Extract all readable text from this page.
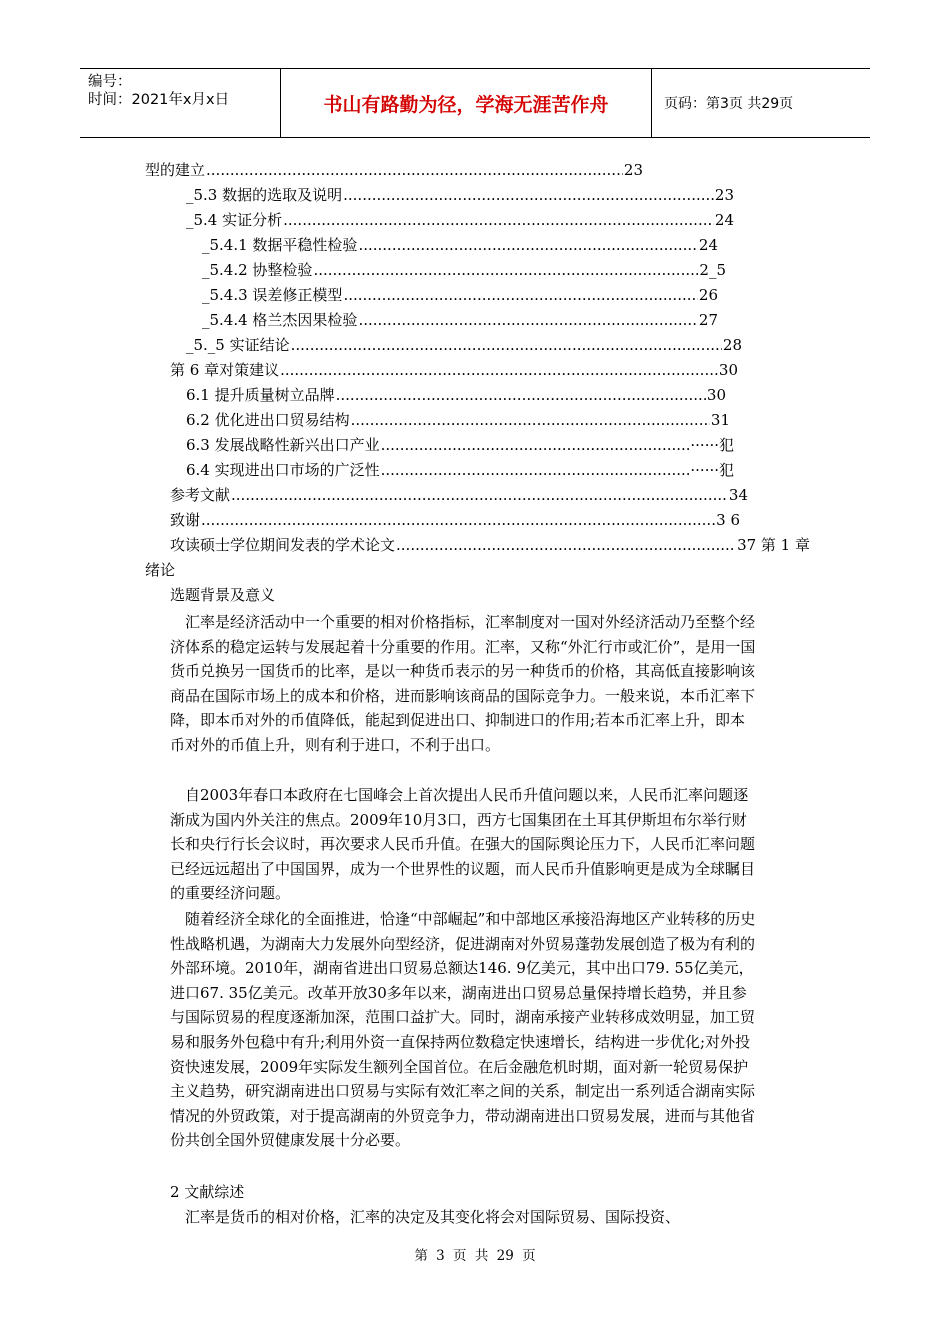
编号：
时间：2021年x月x日	书山有路勤为径，学海无涯苦作舟	页码：第3页 共29页
型的建立 .....	23
_5.3 数据的选取及说明 .....	23
_5.4 实证分析 .....	24
_5.4.1 数据平稳性检验 .....	24
_5.4.2 协整检验 .....	2_5
_5.4.3 误差修正模型 .....	26
_5.4.4 格兰杰因果检验 .....	27
_5._5 实证结论 .....	28
第 6 章对策建议 .....	30
6.1 提升质量树立品牌 .....	30
6.2 优化进出口贸易结构 .....	31
6.3 发展战略性新兴出口产业 .....	······犯
6.4 实现进出口市场的广泛性 .....	······犯
参考文献 .....	34
致谢 .....	3 6
攻读硕士学位期间发表的学术论文 .....	37 第 1 章
绪论
选题背景及意义
汇率是经济活动中一个重要的相对价格指标，汇率制度对一国对外经济活动乃至整个经济体系的稳定运转与发展起着十分重要的作用。汇率，又称“外汇行市或汇价”，是用一国货币兑换另一国货币的比率，是以一种货币表示的另一种货币的价格，其高低直接影响该商品在国际市场上的成本和价格，进而影响该商品的国际竞争力。一般来说，本币汇率下降，即本币对外的币值降低，能起到促进出口、抑制进口的作用;若本币汇率上升，即本币对外的币值上升，则有利于进口，不利于出口。
自2003年春口本政府在七国峰会上首次提出人民币升值问题以来，人民币汇率问题逐渐成为国内外关注的焦点。2009年10月3口，西方七国集团在土耳其伊斯坦布尔举行财长和央行行长会议时，再次要求人民币升值。在强大的国际舆论压力下，人民币汇率问题已经远远超出了中国国界，成为一个世界性的议题，而人民币升值影响更是成为全球瞩目的重要经济问题。
随着经济全球化的全面推进，恰逢“中部崛起”和中部地区承接沿海地区产业转移的历史性战略机遇，为湖南大力发展外向型经济，促进湖南对外贸易蓬勃发展创造了极为有利的外部环境。2010年，湖南省进出口贸易总额达146. 9亿美元，其中出口79. 55亿美元，进口67. 35亿美元。改革开放30多年以来，湖南进出口贸易总量保持增长趋势，并且参与国际贸易的程度逐渐加深，范围口益扩大。同时，湖南承接产业转移成效明显，加工贸易和服务外包稳中有升;利用外资一直保持两位数稳定快速增长，结构进一步优化;对外投资快速发展，2009年实际发生额列全国首位。在后金融危机时期，面对新一轮贸易保护主义趋势，研究湖南进出口贸易与实际有效汇率之间的关系，制定出一系列适合湖南实际情况的外贸政策，对于提高湖南的外贸竞争力，带动湖南进出口贸易发展，进而与其他省份共创全国外贸健康发展十分必要。
2 文献综述
汇率是货币的相对价格，汇率的决定及其变化将会对国际贸易、国际投资、
第 3 页 共 29 页
